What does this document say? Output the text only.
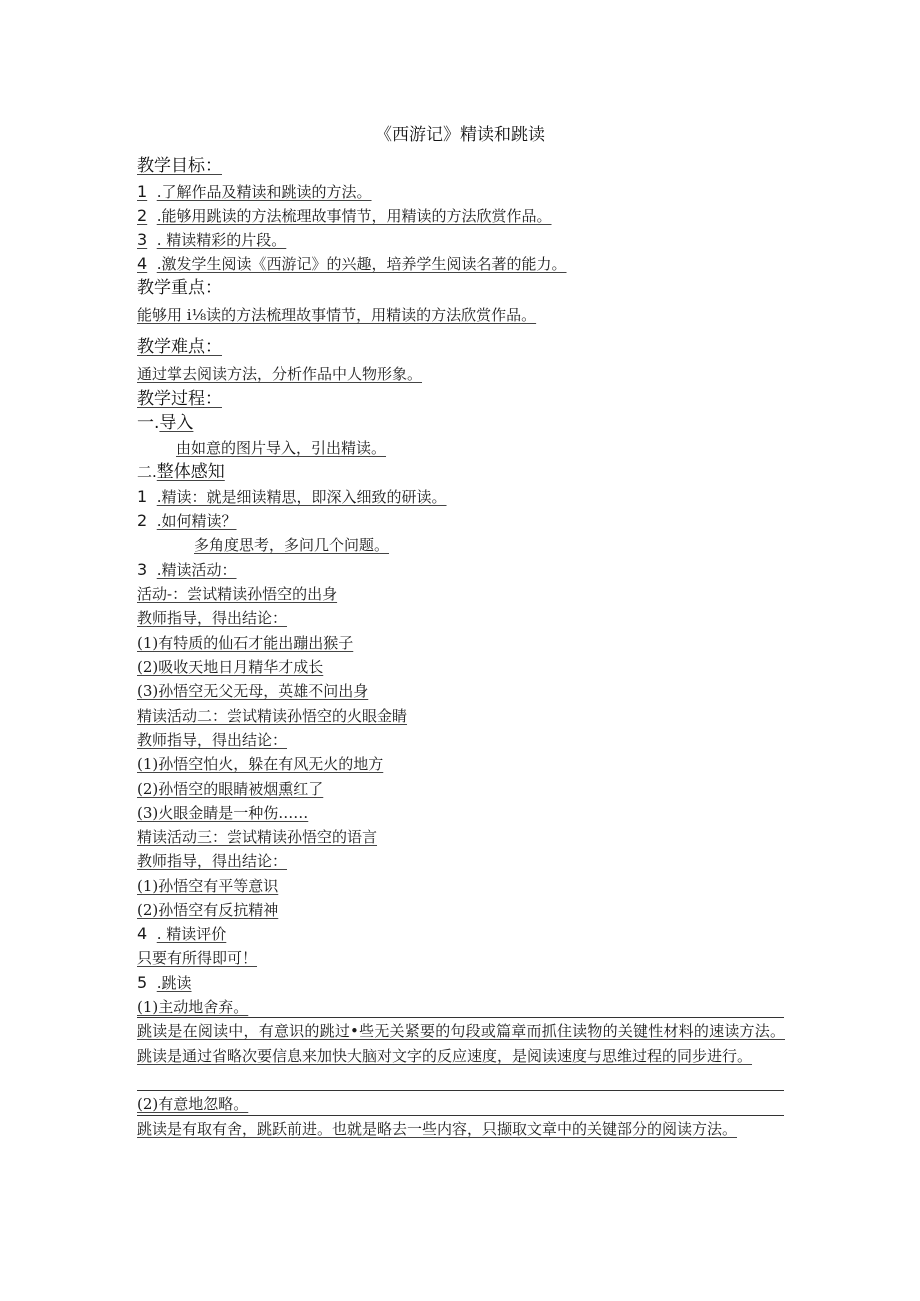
《西游记》精读和跳读
教学目标：
1 .了解作品及精读和跳读的方法。
2 .能够用跳读的方法梳理故事情节，用精读的方法欣赏作品。
3 . 精读精彩的片段。
4 .激发学生阅读《西游记》的兴趣，培养学生阅读名著的能力。
教学重点：
能够用 i⅛读的方法梳理故事情节，用精读的方法欣赏作品。
教学难点：
通过掌去阅读方法，分析作品中人物形象。
教学过程：
一.导入
由如意的图片导入，引出精读。
二.整体感知
1 .精读：就是细读精思，即深入细致的研读。
2 .如何精读？
多角度思考，多问几个问题。
3 .精读活动：
活动-：尝试精读孙悟空的出身
教师指导，得出结论：
(1)有特质的仙石才能出蹦出猴子
(2)吸收天地日月精华才成长
(3)孙悟空无父无母，英雄不问出身
精读活动二：尝试精读孙悟空的火眼金睛
教师指导，得出结论：
(1)孙悟空怕火，躲在有风无火的地方
(2)孙悟空的眼睛被烟熏红了
(3)火眼金睛是一种伤……
精读活动三：尝试精读孙悟空的语言
教师指导，得出结论：
(1)孙悟空有平等意识
(2)孙悟空有反抗精神
4 . 精读评价
只要有所得即可！
5 .跳读
(1)主动地舍弃。
跳读是在阅读中，有意识的跳过•些无关紧要的句段或篇章而抓住读物的关键性材料的速读方法。跳读是通过省略次要信息来加快大脑对文字的反应速度，是阅读速度与思维过程的同步进行。
(2)有意地忽略。
跳读是有取有舍，跳跃前进。也就是略去一些内容，只撷取文章中的关键部分的阅读方法。
